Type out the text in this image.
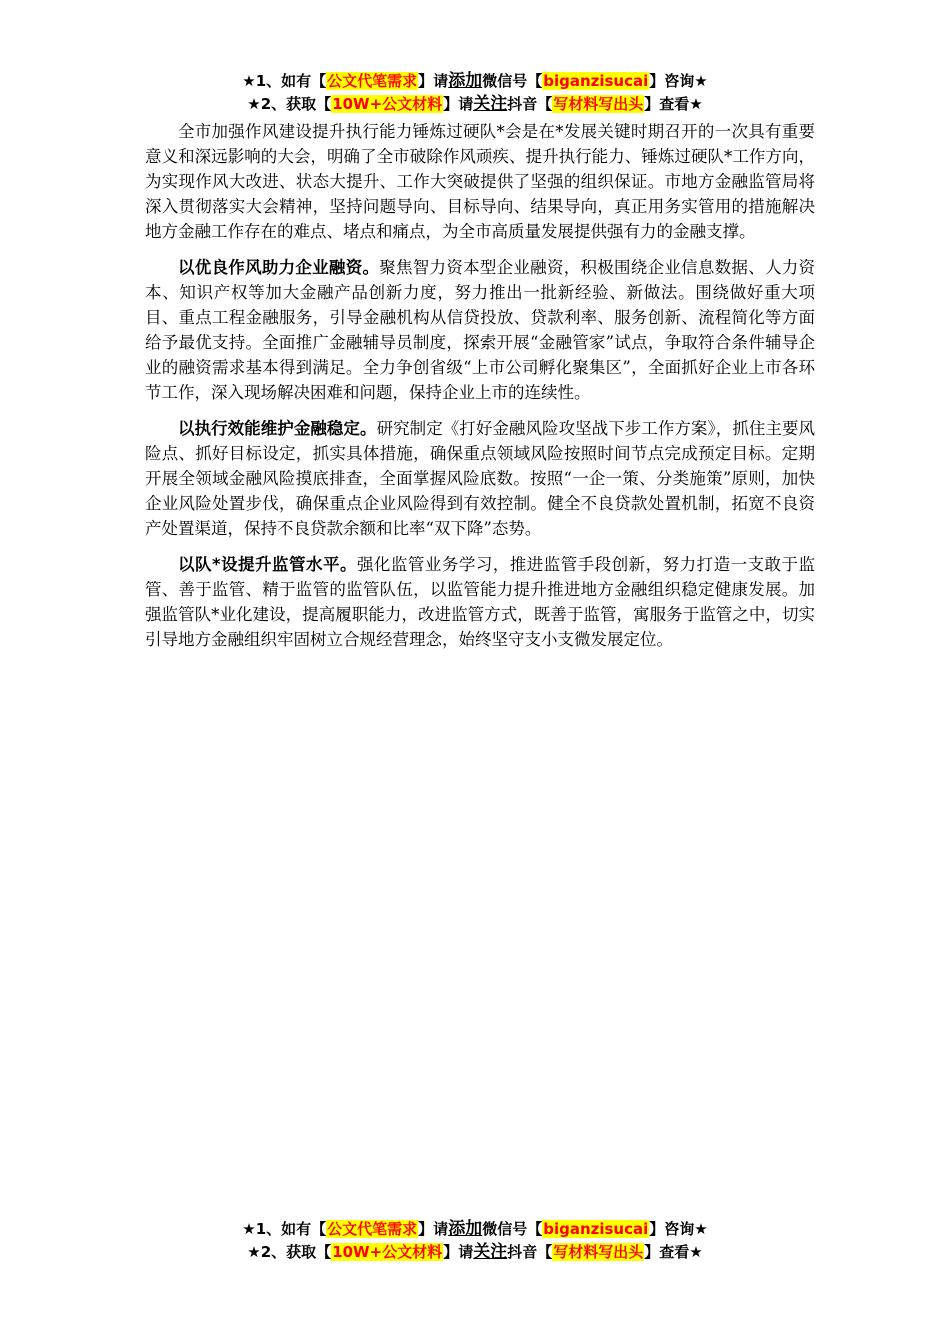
★1、如有【公文代笔需求】请添加微信号【biganzisucai】咨询★
★2、获取【10W+公文材料】请关注抖音【写材料写出头】查看★

全市加强作风建设提升执行能力锤炼过硬队*会是在*发展关键时期召开的一次具有重要意义和深远影响的大会，明确了全市破除作风顽疾、提升执行能力、锤炼过硬队*工作方向，为实现作风大改进、状态大提升、工作大突破提供了坚强的组织保证。市地方金融监管局将深入贯彻落实大会精神，坚持问题导向、目标导向、结果导向，真正用务实管用的措施解决地方金融工作存在的难点、堵点和痛点，为全市高质量发展提供强有力的金融支撑。

以优良作风助力企业融资。聚焦智力资本型企业融资，积极围绕企业信息数据、人力资本、知识产权等加大金融产品创新力度，努力推出一批新经验、新做法。围绕做好重大项目、重点工程金融服务，引导金融机构从信贷投放、贷款利率、服务创新、流程简化等方面给予最优支持。全面推广金融辅导员制度，探索开展“金融管家”试点，争取符合条件辅导企业的融资需求基本得到满足。全力争创省级“上市公司孵化聚集区”，全面抓好企业上市各环节工作，深入现场解决困难和问题，保持企业上市的连续性。

以执行效能维护金融稳定。研究制定《打好金融风险攻坚战下步工作方案》，抓住主要风险点、抓好目标设定，抓实具体措施，确保重点领域风险按照时间节点完成预定目标。定期开展全领域金融风险摸底排查，全面掌握风险底数。按照“一企一策、分类施策”原则，加快企业风险处置步伐，确保重点企业风险得到有效控制。健全不良贷款处置机制，拓宽不良资产处置渠道，保持不良贷款余额和比率“双下降”态势。

以队*设提升监管水平。强化监管业务学习，推进监管手段创新，努力打造一支敢于监管、善于监管、精于监管的监管队伍，以监管能力提升推进地方金融组织稳定健康发展。加强监管队*业化建设，提高履职能力，改进监管方式，既善于监管，寓服务于监管之中，切实引导地方金融组织牢固树立合规经营理念，始终坚守支小支微发展定位。

★1、如有【公文代笔需求】请添加微信号【biganzisucai】咨询★
★2、获取【10W+公文材料】请关注抖音【写材料写出头】查看★
